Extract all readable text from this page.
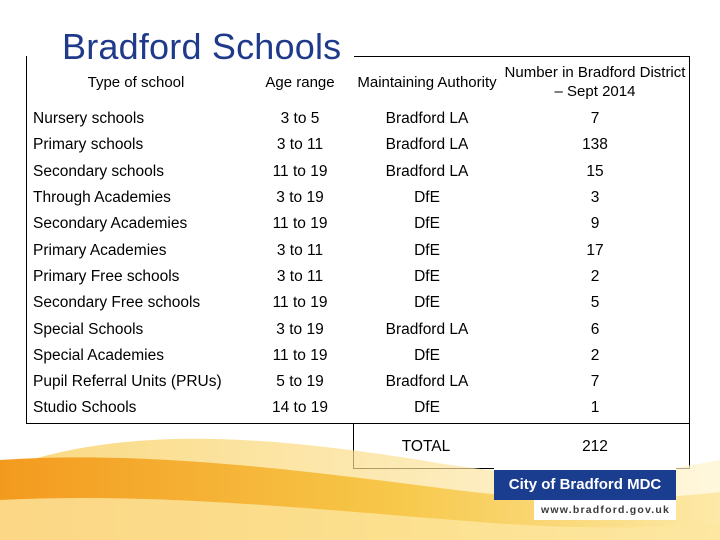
Bradford Schools
Type of school	Age range	Maintaining Authority	Number in Bradford District – Sept 2014
Nursery schools	3 to 5	Bradford LA	7
Primary schools	3 to 11	Bradford LA	138
Secondary schools	11 to 19	Bradford LA	15
Through Academies	3 to 19	DfE	3
Secondary Academies	11 to 19	DfE	9
Primary Academies	3 to 11	DfE	17
Primary Free schools	3 to 11	DfE	2
Secondary Free schools	11 to 19	DfE	5
Special Schools	3 to 19	Bradford LA	6
Special Academies	11 to 19	DfE	2
Pupil Referral Units (PRUs)	5 to 19	Bradford LA	7
Studio Schools	14 to 19	DfE	1
TOTAL	212
City of Bradford MDC
www.bradford.gov.uk
